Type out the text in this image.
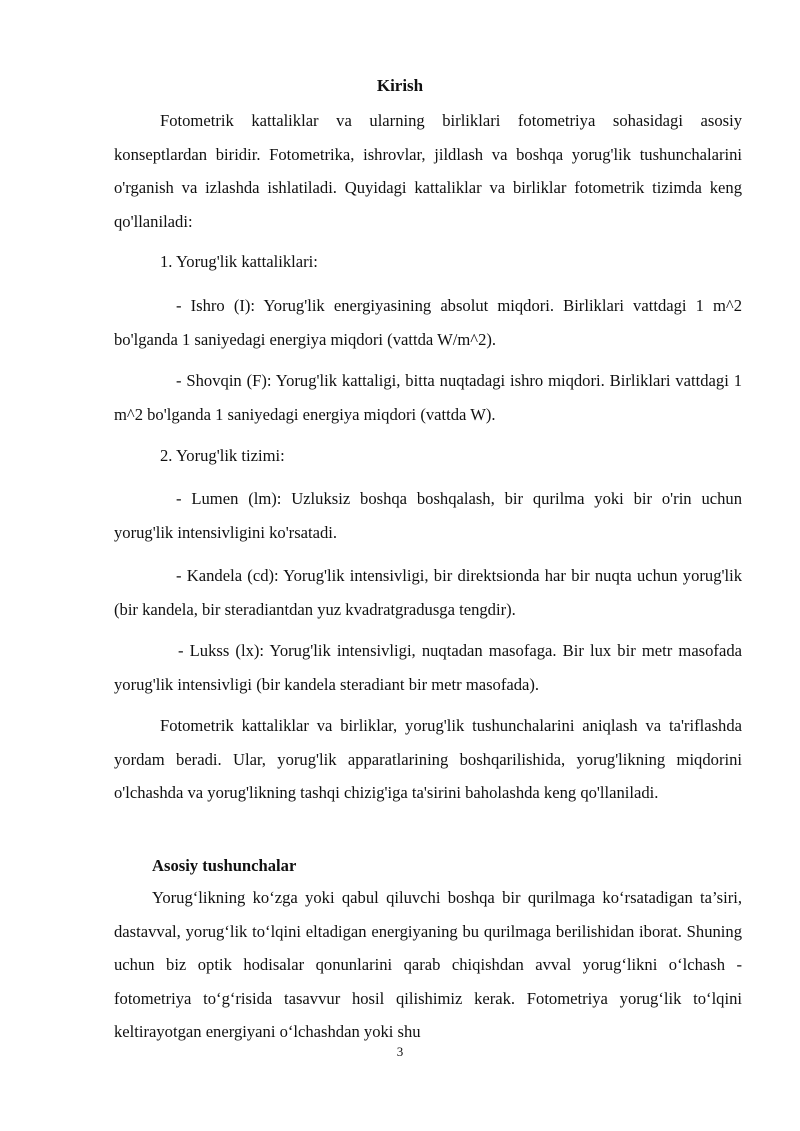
Kirish

Fotometrik kattaliklar va ularning birliklari fotometriya sohasidagi asosiy konseptlardan biridir. Fotometrika, ishrovlar, jildlash va boshqa yorug'lik tushunchalarini o'rganish va izlashda ishlatiladi. Quyidagi kattaliklar va birliklar fotometrik tizimda keng qo'llaniladi:

1. Yorug'lik kattaliklari:

- Ishro (I): Yorug'lik energiyasining absolut miqdori. Birliklari vattdagi 1 m^2 bo'lganda 1 saniyedagi energiya miqdori (vattda W/m^2).

- Shovqin (F): Yorug'lik kattaligi, bitta nuqtadagi ishro miqdori. Birliklari vattdagi 1 m^2 bo'lganda 1 saniyedagi energiya miqdori (vattda W).

2. Yorug'lik tizimi:

- Lumen (lm): Uzluksiz boshqa boshqalash, bir qurilma yoki bir o'rin uchun yorug'lik intensivligini ko'rsatadi.

- Kandela (cd): Yorug'lik intensivligi, bir direktsionda har bir nuqta uchun yorug'lik (bir kandela, bir steradiantdan yuz kvadratgradusga tengdir).

- Lukss (lx): Yorug'lik intensivligi, nuqtadan masofaga. Bir lux bir metr masofada yorug'lik intensivligi (bir kandela steradiant bir metr masofada).

Fotometrik kattaliklar va birliklar, yorug'lik tushunchalarini aniqlash va ta'riflashda yordam beradi. Ular, yorug'lik apparatlarining boshqarilishida, yorug'likning miqdorini o'lchashda va yorug'likning tashqi chizig'iga ta'sirini baholashda keng qo'llaniladi.

Asosiy tushunchalar

Yorug‘likning ko‘zga yoki qabul qiluvchi boshqa bir qurilmaga ko‘rsatadigan ta’siri, dastavval, yorug‘lik to‘lqini eltadigan energiyaning bu qurilmaga berilishidan iborat. Shuning uchun biz optik hodisalar qonunlarini qarab chiqishdan avval yorug‘likni o‘lchash - fotometriya to‘g‘risida tasavvur hosil qilishimiz kerak. Fotometriya yorug‘lik to‘lqini keltirayotgan energiyani o‘lchashdan yoki shu

3
